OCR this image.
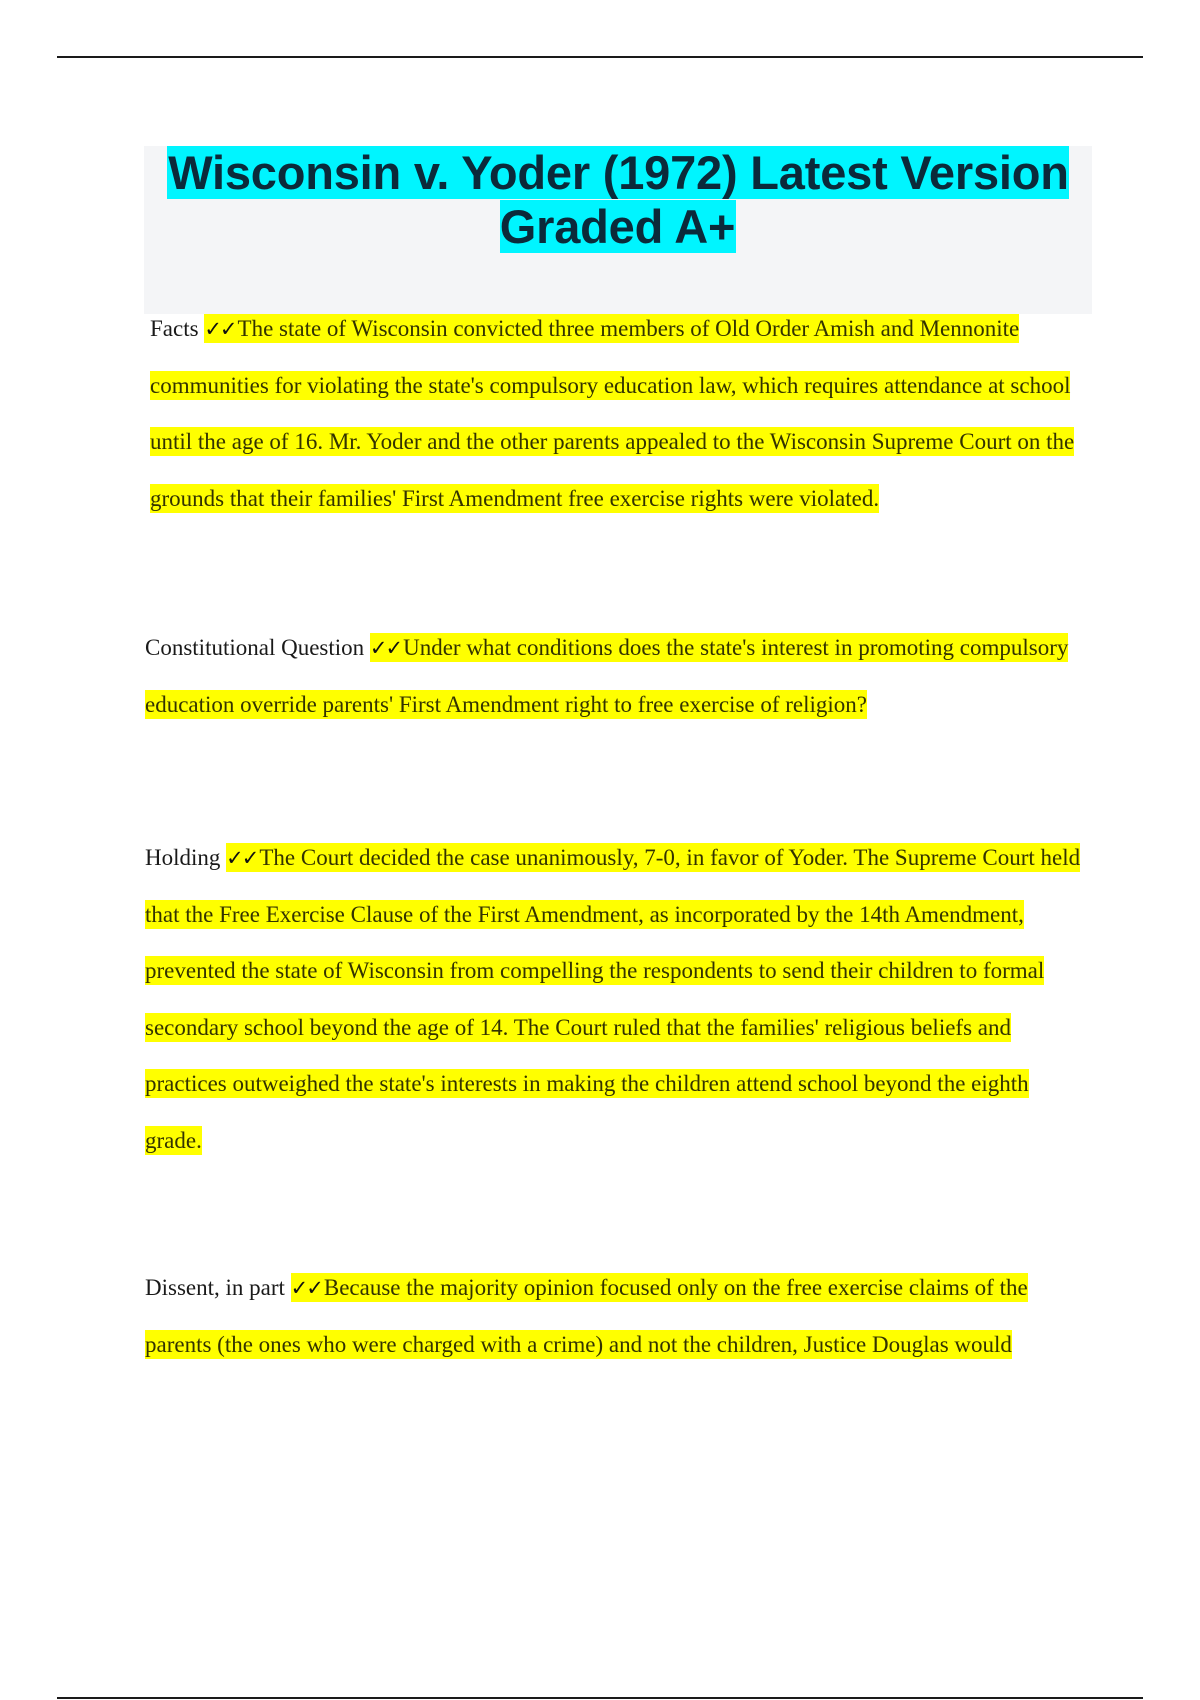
Wisconsin v. Yoder (1972) Latest Version Graded A+
Facts ✓✓The state of Wisconsin convicted three members of Old Order Amish and Mennonite communities for violating the state's compulsory education law, which requires attendance at school until the age of 16. Mr. Yoder and the other parents appealed to the Wisconsin Supreme Court on the grounds that their families' First Amendment free exercise rights were violated.
Constitutional Question ✓✓Under what conditions does the state's interest in promoting compulsory education override parents' First Amendment right to free exercise of religion?
Holding ✓✓The Court decided the case unanimously, 7-0, in favor of Yoder. The Supreme Court held that the Free Exercise Clause of the First Amendment, as incorporated by the 14th Amendment, prevented the state of Wisconsin from compelling the respondents to send their children to formal secondary school beyond the age of 14. The Court ruled that the families' religious beliefs and practices outweighed the state's interests in making the children attend school beyond the eighth grade.
Dissent, in part ✓✓Because the majority opinion focused only on the free exercise claims of the parents (the ones who were charged with a crime) and not the children, Justice Douglas would
